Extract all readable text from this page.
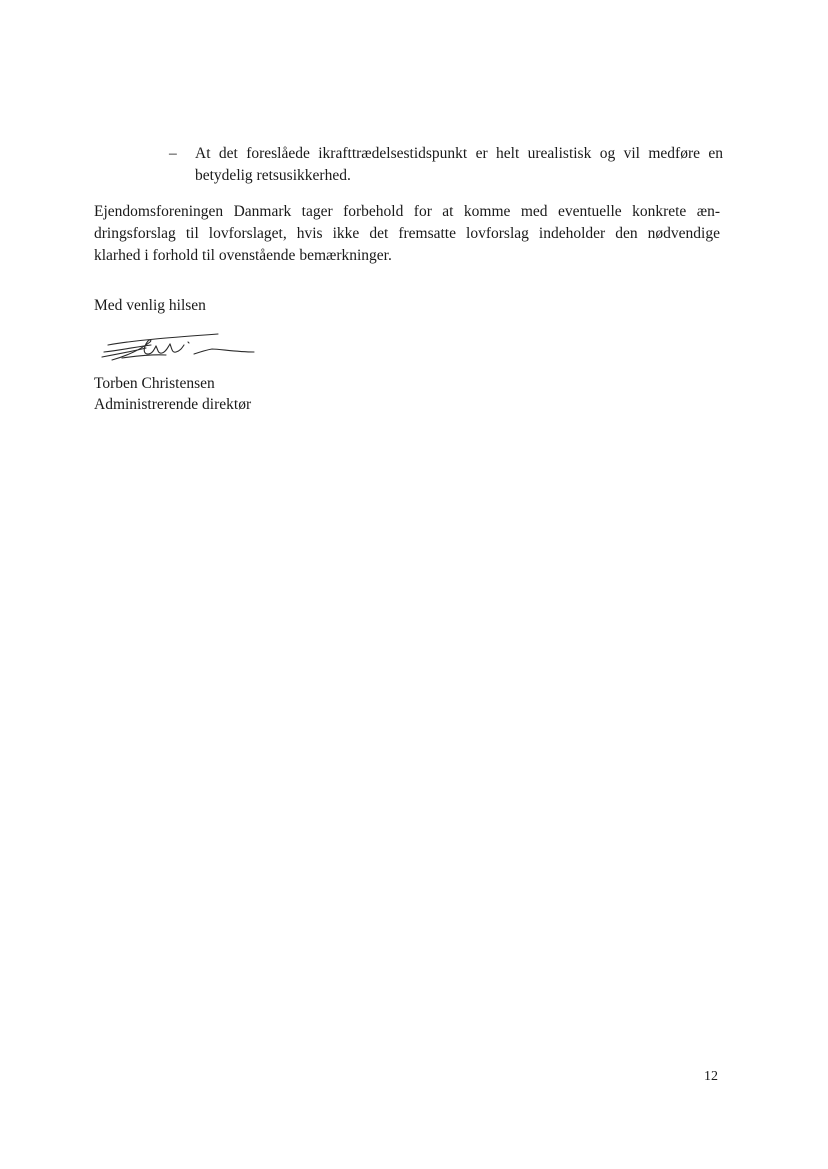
– At det foreslåede ikrafttrædelsestidspunkt er helt urealistisk og vil medføre en
betydelig retsusikkerhed.
Ejendomsforeningen Danmark tager forbehold for at komme med eventuelle konkrete æn-
dringsforslag til lovforslaget, hvis ikke det fremsatte lovforslag indeholder den nødvendige
klarhed i forhold til ovenstående bemærkninger.
Med venlig hilsen
Torben Christensen
Administrerende direktør
12
